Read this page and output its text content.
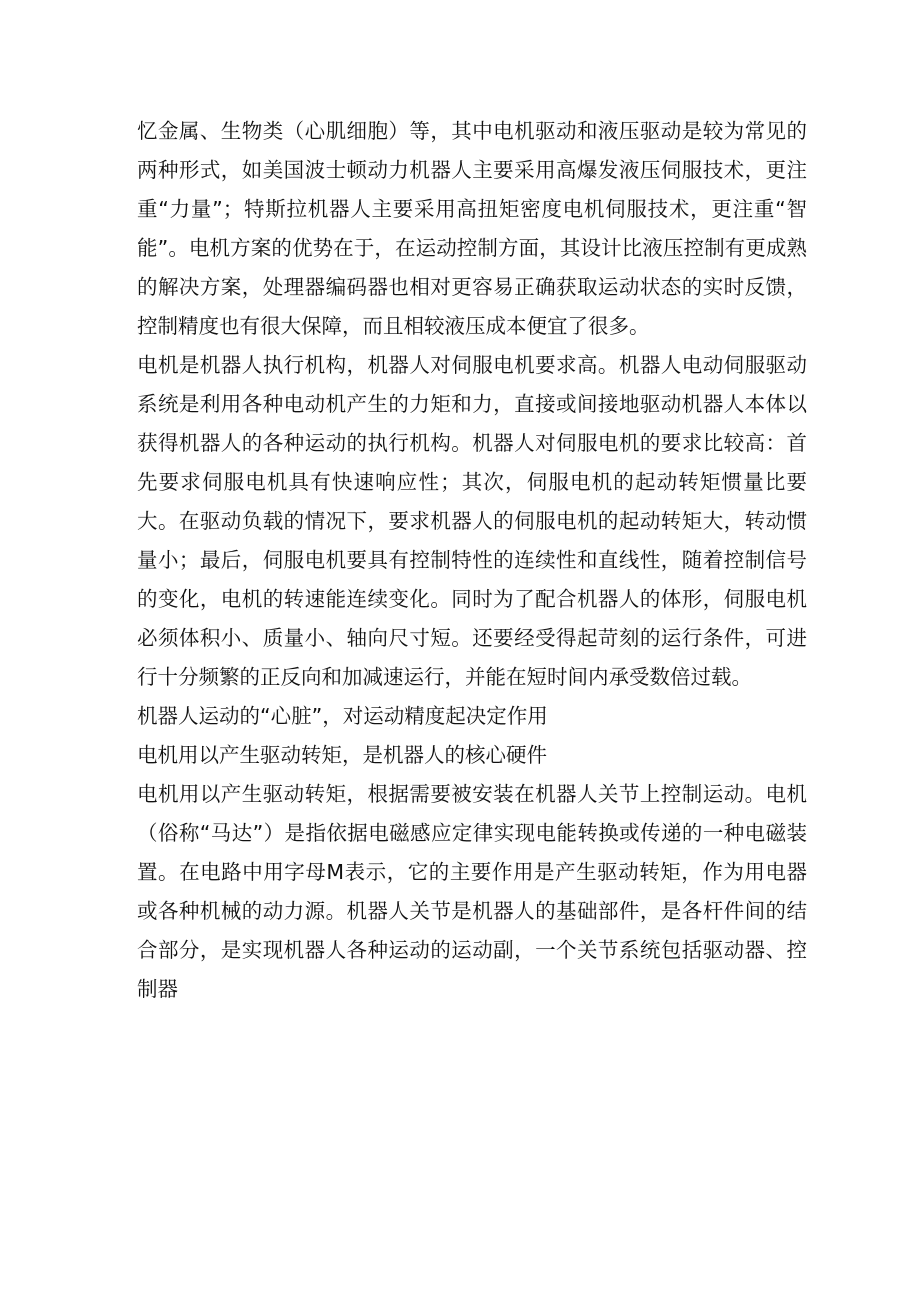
忆金属、生物类（心肌细胞）等，其中电机驱动和液压驱动是较为常见的两种形式，如美国波士顿动力机器人主要采用高爆发液压伺服技术，更注重“力量”；特斯拉机器人主要采用高扭矩密度电机伺服技术，更注重“智能”。电机方案的优势在于，在运动控制方面，其设计比液压控制有更成熟的解决方案，处理器编码器也相对更容易正确获取运动状态的实时反馈，控制精度也有很大保障，而且相较液压成本便宜了很多。

电机是机器人执行机构，机器人对伺服电机要求高。机器人电动伺服驱动系统是利用各种电动机产生的力矩和力，直接或间接地驱动机器人本体以获得机器人的各种运动的执行机构。机器人对伺服电机的要求比较高：首先要求伺服电机具有快速响应性；其次，伺服电机的起动转矩惯量比要大。在驱动负载的情况下，要求机器人的伺服电机的起动转矩大，转动惯量小；最后，伺服电机要具有控制特性的连续性和直线性，随着控制信号的变化，电机的转速能连续变化。同时为了配合机器人的体形，伺服电机必须体积小、质量小、轴向尺寸短。还要经受得起苛刻的运行条件，可进行十分频繁的正反向和加减速运行，并能在短时间内承受数倍过载。

机器人运动的“心脏”，对运动精度起决定作用

电机用以产生驱动转矩，是机器人的核心硬件

电机用以产生驱动转矩，根据需要被安装在机器人关节上控制运动。电机（俗称“马达”）是指依据电磁感应定律实现电能转换或传递的一种电磁装置。在电路中用字母M表示，它的主要作用是产生驱动转矩，作为用电器或各种机械的动力源。机器人关节是机器人的基础部件，是各杆件间的结合部分，是实现机器人各种运动的运动副，一个关节系统包括驱动器、控制器
